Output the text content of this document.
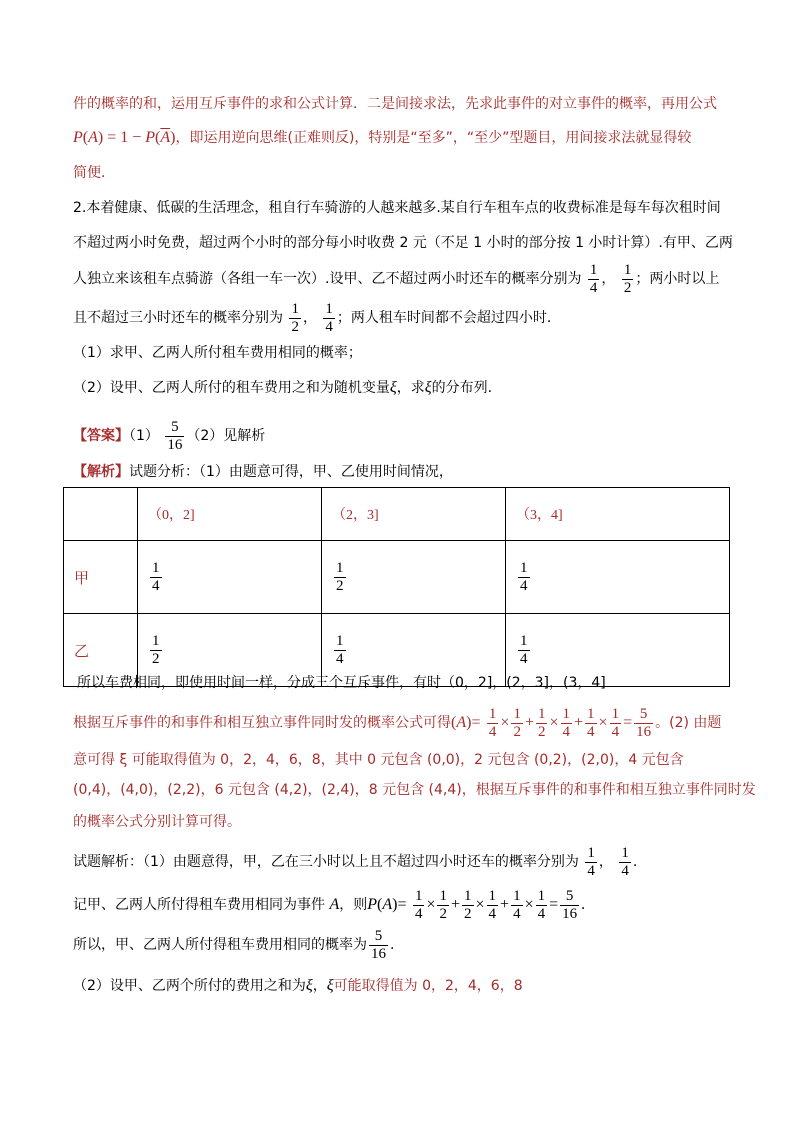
件的概率的和，运用互斥事件的求和公式计算．二是间接求法，先求此事件的对立事件的概率，再用公式
$P(A) = 1 - P(\overline{A})$，即运用逆向思维(正难则反)，特别是“至多”，“至少”型题目，用间接求法就显得较
简便．
2.本着健康、低碳的生活理念，租自行车骑游的人越来越多.某自行车租车点的收费标准是每车每次租时间
不超过两小时免费，超过两个小时的部分每小时收费 2 元（不足 1 小时的部分按 1 小时计算）.有甲、乙两
人独立来该租车点骑游（各组一车一次）.设甲、乙不超过两小时还车的概率分别为 $\frac{1}{4}$ ， $\frac{1}{2}$ ；两小时以上
且不超过三小时还车的概率分别为 $\frac{1}{2}$ ， $\frac{1}{4}$ ；两人租车时间都不会超过四小时.
（1）求甲、乙两人所付租车费用相同的概率；
（2）设甲、乙两人所付的租车费用之和为随机变量ξ，求ξ的分布列.
【答案】$(1) \frac{5}{16} (2)$见解析
【解析】试题分析：（1）由题意可得，甲、乙使用时间情况，
	（0，2]	（2，3]	（3，4]
甲	$\frac{1}{4}$	$\frac{1}{2}$	$\frac{1}{4}$

乙	$\frac{1}{2}$	$\frac{1}{4}$	$\frac{1}{4}$
所以车费相同，即使用时间一样，分成三个互斥事件，有时（0，2]，(2，3]，(3，4]
根据互斥事件的和事件和相互独立事件同时发的概率公式可得$(A)= \frac{1}{4} \times \frac{1}{2} + \frac{1}{2} \times \frac{1}{4} + \frac{1}{4} \times \frac{1}{4} = \frac{5}{16}$ 。(2) 由题
意可得 ξ 可能取得值为 0，2，4，6，8，其中 0 元包含 (0,0)，2 元包含 (0,2)，(2,0)，4 元包含
(0,4)，(4,0)，(2,2)，6 元包含 (4,2)，(2,4)，8 元包含 (4,4)，根据互斥事件的和事件和相互独立事件同时发
的概率公式分别计算可得。
试题解析：（1）由题意得，甲，乙在三小时以上且不超过四小时还车的概率分别为 $\frac{1}{4}$ ， $\frac{1}{4}$ .
记甲、乙两人所付得租车费用相同为事件 A，则$P(A)= \frac{1}{4} \times \frac{1}{2} + \frac{1}{2} \times \frac{1}{4} + \frac{1}{4} \times \frac{1}{4} = \frac{5}{16}$ .
所以，甲、乙两人所付得租车费用相同的概率为 $\frac{5}{16}$ .
（2）设甲、乙两个所付的费用之和为ξ，ξ可能取得值为 0，2，4，6，8
